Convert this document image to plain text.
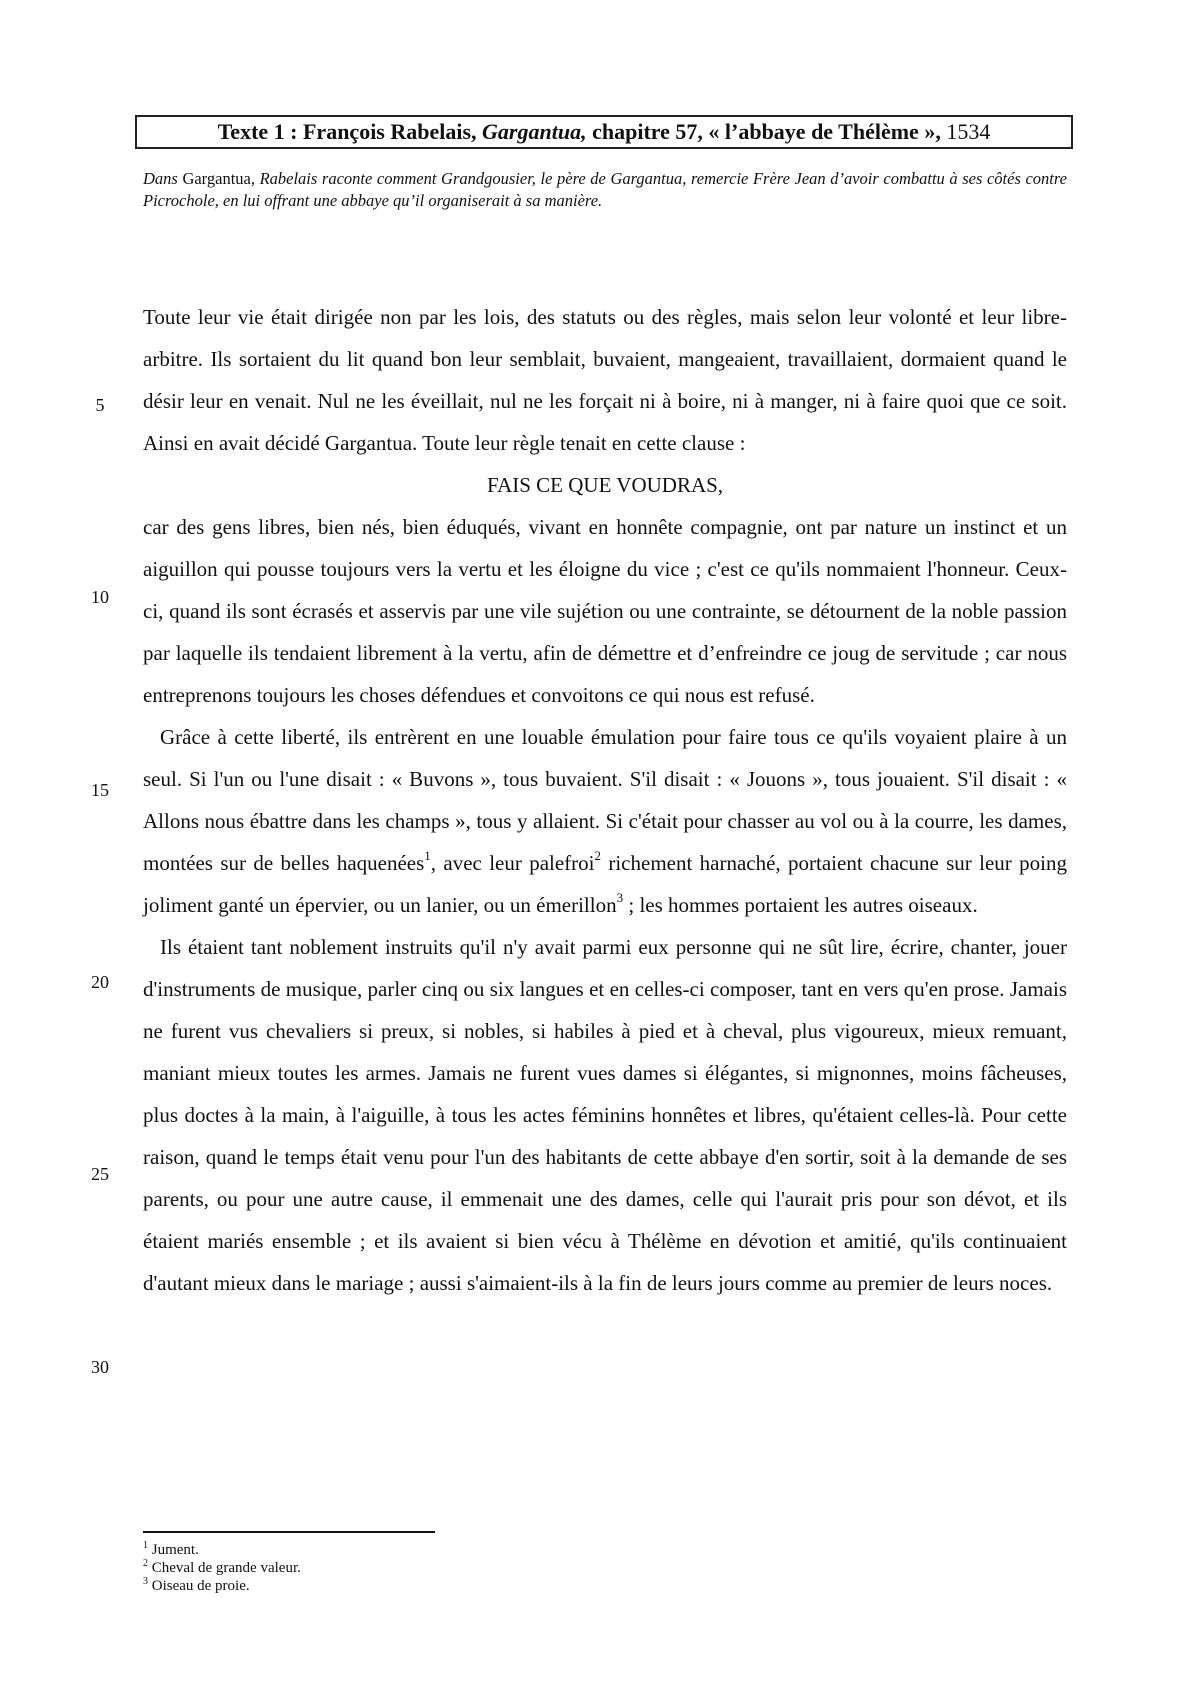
Texte 1 : François Rabelais, Gargantua, chapitre 57, « l’abbaye de Thélème », 1534
Dans Gargantua, Rabelais raconte comment Grandgousier, le père de Gargantua, remercie Frère Jean d’avoir combattu à ses côtés contre Picrochole, en lui offrant une abbaye qu’il organiserait à sa manière.
5
10
15
20
25
30

Toute leur vie était dirigée non par les lois, des statuts ou des règles, mais selon leur volonté et leur libre-arbitre. Ils sortaient du lit quand bon leur semblait, buvaient, mangeaient, travaillaient, dormaient quand le désir leur en venait. Nul ne les éveillait, nul ne les forçait ni à boire, ni à manger, ni à faire quoi que ce soit. Ainsi en avait décidé Gargantua. Toute leur règle tenait en cette clause :

FAIS CE QUE VOUDRAS,

car des gens libres, bien nés, bien éduqués, vivant en honnête compagnie, ont par nature un instinct et un aiguillon qui pousse toujours vers la vertu et les éloigne du vice ; c'est ce qu'ils nommaient l'honneur. Ceux-ci, quand ils sont écrasés et asservis par une vile sujétion ou une contrainte, se détournent de la noble passion par laquelle ils tendaient librement à la vertu, afin de démettre et d’enfreindre ce joug de servitude ; car nous entreprenons toujours les choses défendues et convoitons ce qui nous est refusé.

Grâce à cette liberté, ils entrèrent en une louable émulation pour faire tous ce qu'ils voyaient plaire à un seul. Si l'un ou l'une disait : « Buvons », tous buvaient. S'il disait : « Jouons », tous jouaient. S'il disait : « Allons nous ébattre dans les champs », tous y allaient. Si c'était pour chasser au vol ou à la courre, les dames, montées sur de belles haquenées$^1$, avec leur palefroi$^2$ richement harnaché, portaient chacune sur leur poing joliment ganté un épervier, ou un lanier, ou un émerillon$^3$ ; les hommes portaient les autres oiseaux.

Ils étaient tant noblement instruits qu'il n'y avait parmi eux personne qui ne sût lire, écrire, chanter, jouer d'instruments de musique, parler cinq ou six langues et en celles-ci composer, tant en vers qu'en prose. Jamais ne furent vus chevaliers si preux, si nobles, si habiles à pied et à cheval, plus vigoureux, mieux remuant, maniant mieux toutes les armes. Jamais ne furent vues dames si élégantes, si mignonnes, moins fâcheuses, plus doctes à la main, à l'aiguille, à tous les actes féminins honnêtes et libres, qu'étaient celles-là. Pour cette raison, quand le temps était venu pour l'un des habitants de cette abbaye d'en sortir, soit à la demande de ses parents, ou pour une autre cause, il emmenait une des dames, celle qui l'aurait pris pour son dévot, et ils étaient mariés ensemble ; et ils avaient si bien vécu à Thélème en dévotion et amitié, qu'ils continuaient d'autant mieux dans le mariage ; aussi s'aimaient-ils à la fin de leurs jours comme au premier de leurs noces.

$^1$ Jument.
$^2$ Cheval de grande valeur.
$^3$ Oiseau de proie.
